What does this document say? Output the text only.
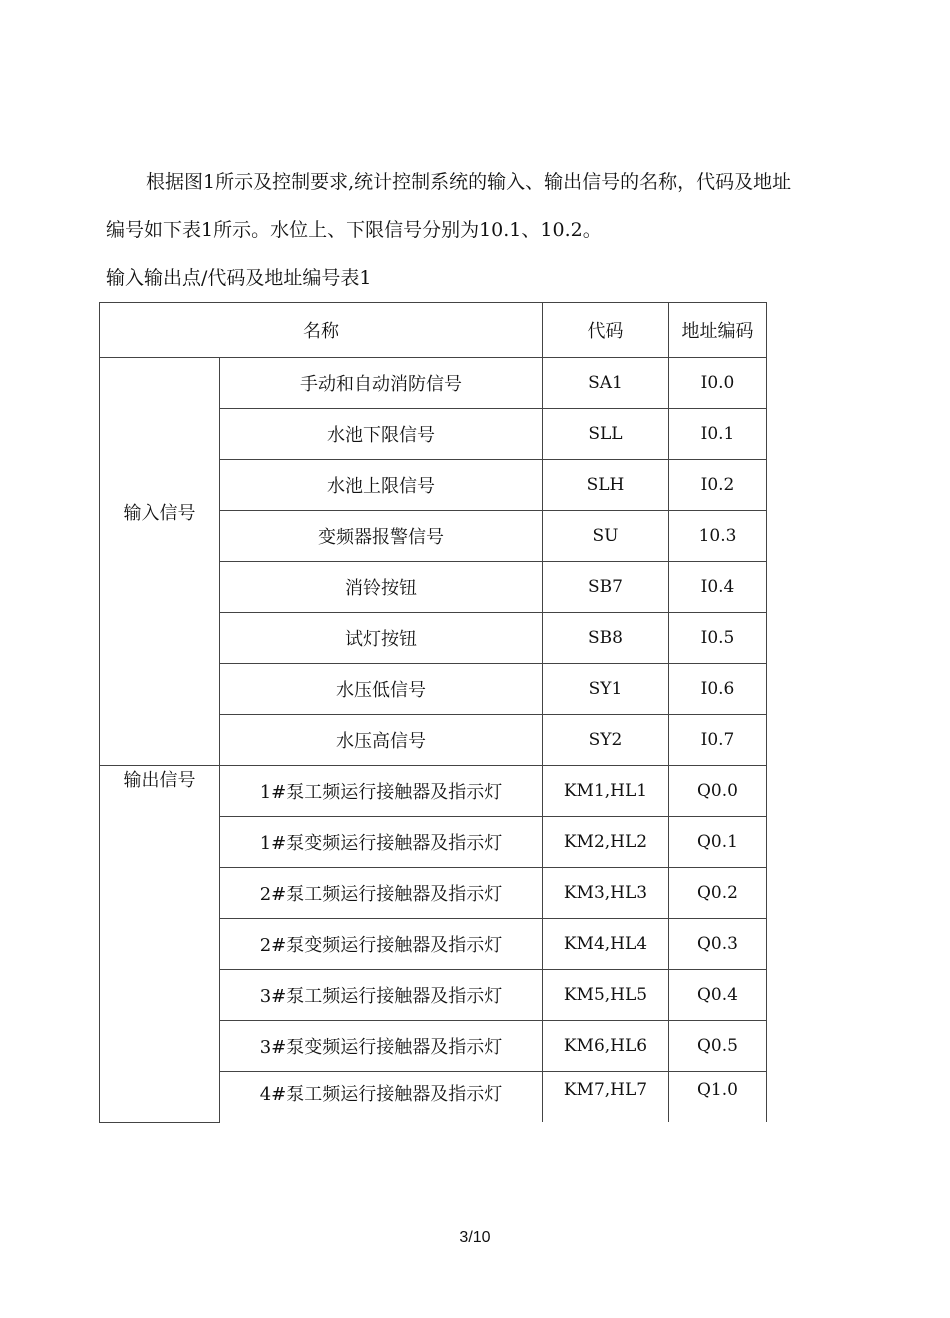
根据图1所示及控制要求,统计控制系统的输入、输出信号的名称，代码及地址
编号如下表1所示。水位上、下限信号分别为10.1、10.2。
输入输出点/代码及地址编号表1
名称		代码	地址编码
输入信号	手动和自动消防信号	SA1	I0.0
	水池下限信号	SLL	I0.1
	水池上限信号	SLH	I0.2
	变频器报警信号	SU	10.3
	消铃按钮	SB7	I0.4
	试灯按钮	SB8	I0.5
	水压低信号	SY1	I0.6
	水压高信号	SY2	I0.7
输出信号	1#泵工频运行接触器及指示灯	KM1,HL1	Q0.0
	1#泵变频运行接触器及指示灯	KM2,HL2	Q0.1
	2#泵工频运行接触器及指示灯	KM3,HL3	Q0.2
	2#泵变频运行接触器及指示灯	KM4,HL4	Q0.3
	3#泵工频运行接触器及指示灯	KM5,HL5	Q0.4
	3#泵变频运行接触器及指示灯	KM6,HL6	Q0.5
	4#泵工频运行接触器及指示灯	KM7,HL7	Q1.0
3/10
